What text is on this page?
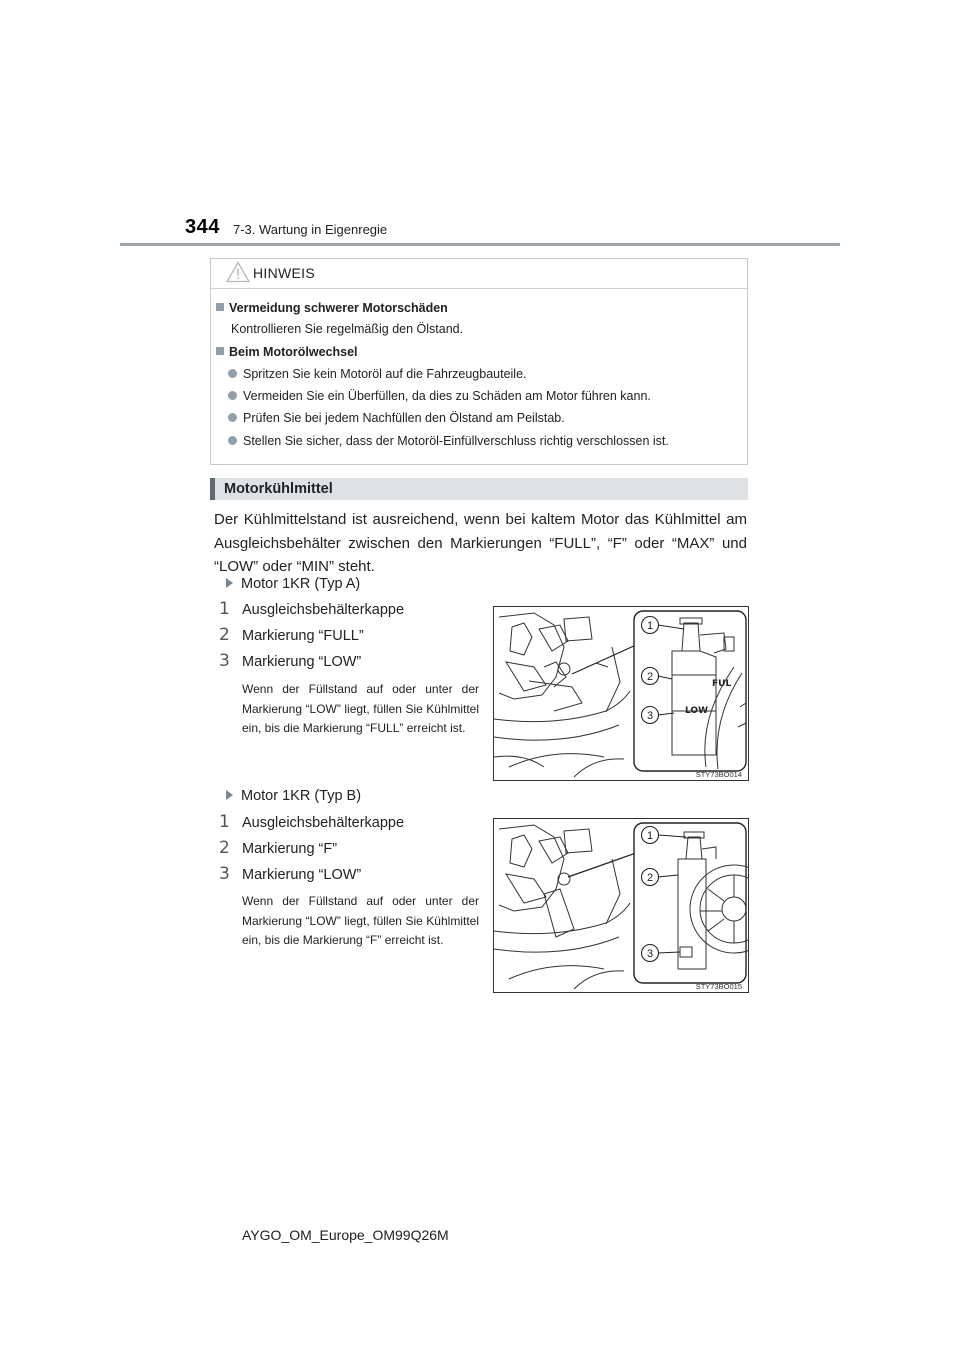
344 7-3. Wartung in Eigenregie
HINWEIS
Vermeidung schwerer Motorschäden
Kontrollieren Sie regelmäßig den Ölstand.
Beim Motorölwechsel
Spritzen Sie kein Motoröl auf die Fahrzeugbauteile.
Vermeiden Sie ein Überfüllen, da dies zu Schäden am Motor führen kann.
Prüfen Sie bei jedem Nachfüllen den Ölstand am Peilstab.
Stellen Sie sicher, dass der Motoröl-Einfüllverschluss richtig verschlossen ist.
Motorkühlmittel
Der Kühlmittelstand ist ausreichend, wenn bei kaltem Motor das Kühlmittel am Ausgleichsbehälter zwischen den Markierungen “FULL”, “F” oder “MAX” und “LOW” oder “MIN” steht.
Motor 1KR (Typ A)
1 Ausgleichsbehälterkappe
2 Markierung “FULL”
3 Markierung “LOW”
Wenn der Füllstand auf oder unter der Markierung “LOW” liegt, füllen Sie Kühlmittel ein, bis die Markierung “FULL” erreicht ist.
FUL
LOW
1
2
3
STY73BO014
Motor 1KR (Typ B)
1 Ausgleichsbehälterkappe
2 Markierung “F”
3 Markierung “LOW”
Wenn der Füllstand auf oder unter der Markierung “LOW” liegt, füllen Sie Kühlmittel ein, bis die Markierung “F” erreicht ist.
1
2
3
STY73BO015
AYGO_OM_Europe_OM99Q26M
